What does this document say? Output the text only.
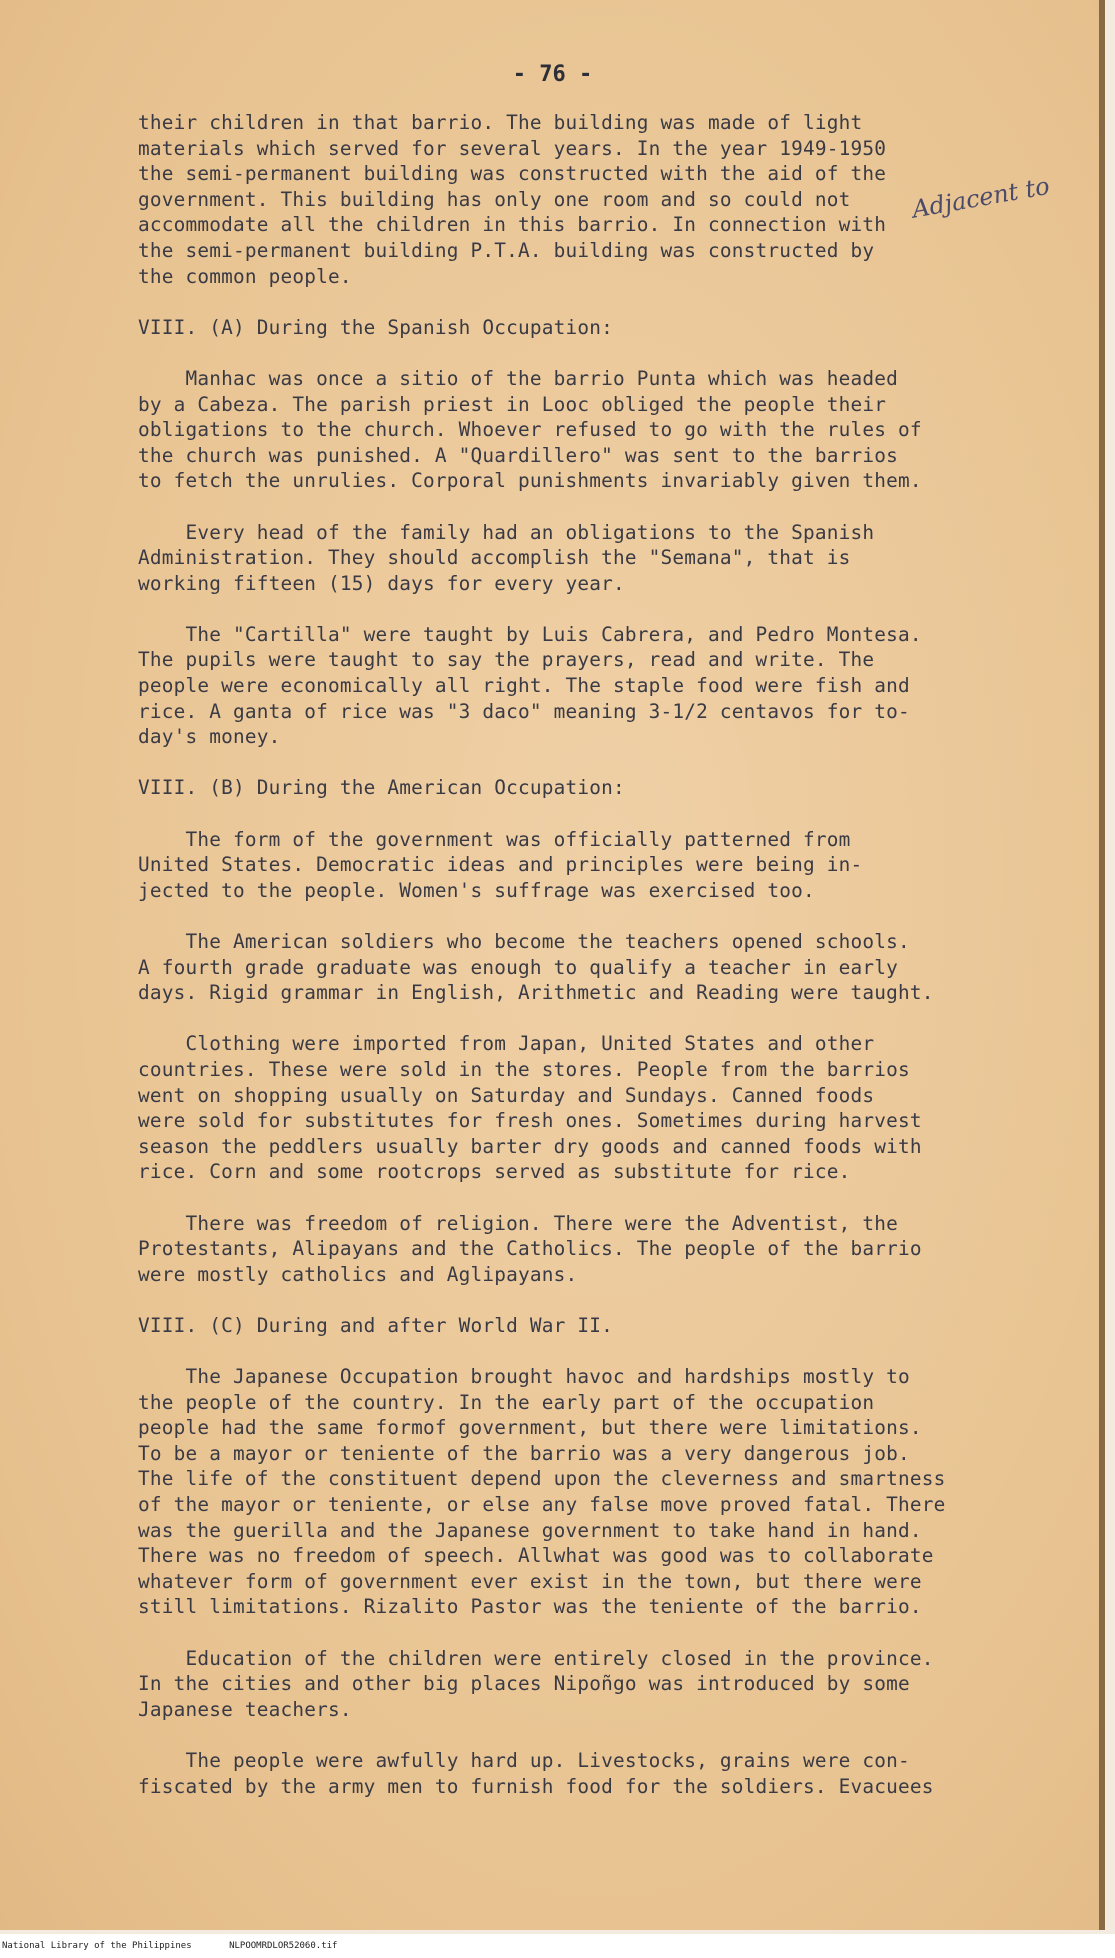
- 76 -
Adjacent to
their children in that barrio. The building was made of light
materials which served for several years. In the year 1949-1950
the semi-permanent building was constructed with the aid of the
government. This building has only one room and so could not
accommodate all the children in this barrio. In connection with
the semi-permanent building P.T.A. building was constructed by
the common people.
VIII. (A) During the Spanish Occupation:
Manhac was once a sitio of the barrio Punta which was headed
by a Cabeza. The parish priest in Looc obliged the people their
obligations to the church. Whoever refused to go with the rules of
the church was punished. A "Quardillero" was sent to the barrios
to fetch the unrulies. Corporal punishments invariably given them.
Every head of the family had an obligations to the Spanish
Administration. They should accomplish the "Semana", that is
working fifteen (15) days for every year.
The "Cartilla" were taught by Luis Cabrera, and Pedro Montesa.
The pupils were taught to say the prayers, read and write. The
people were economically all right. The staple food were fish and
rice. A ganta of rice was "3 daco" meaning 3-1/2 centavos for to-
day's money.
VIII. (B) During the American Occupation:
The form of the government was officially patterned from
United States. Democratic ideas and principles were being in-
jected to the people. Women's suffrage was exercised too.
The American soldiers who become the teachers opened schools.
A fourth grade graduate was enough to qualify a teacher in early
days. Rigid grammar in English, Arithmetic and Reading were taught.
Clothing were imported from Japan, United States and other
countries. These were sold in the stores. People from the barrios
went on shopping usually on Saturday and Sundays. Canned foods
were sold for substitutes for fresh ones. Sometimes during harvest
season the peddlers usually barter dry goods and canned foods with
rice. Corn and some rootcrops served as substitute for rice.
There was freedom of religion. There were the Adventist, the
Protestants, Alipayans and the Catholics. The people of the barrio
were mostly catholics and Aglipayans.
VIII. (C) During and after World War II.
The Japanese Occupation brought havoc and hardships mostly to
the people of the country. In the early part of the occupation
people had the same formof government, but there were limitations.
To be a mayor or teniente of the barrio was a very dangerous job.
The life of the constituent depend upon the cleverness and smartness
of the mayor or teniente, or else any false move proved fatal. There
was the guerilla and the Japanese government to take hand in hand.
There was no freedom of speech. Allwhat was good was to collaborate
whatever form of government ever exist in the town, but there were
still limitations. Rizalito Pastor was the teniente of the barrio.
Education of the children were entirely closed in the province.
In the cities and other big places Nipoñgo was introduced by some
Japanese teachers.
The people were awfully hard up. Livestocks, grains were con-
fiscated by the army men to furnish food for the soldiers. Evacuees
National Library of the Philippines	NLPOOMRDLOR52060.tif
